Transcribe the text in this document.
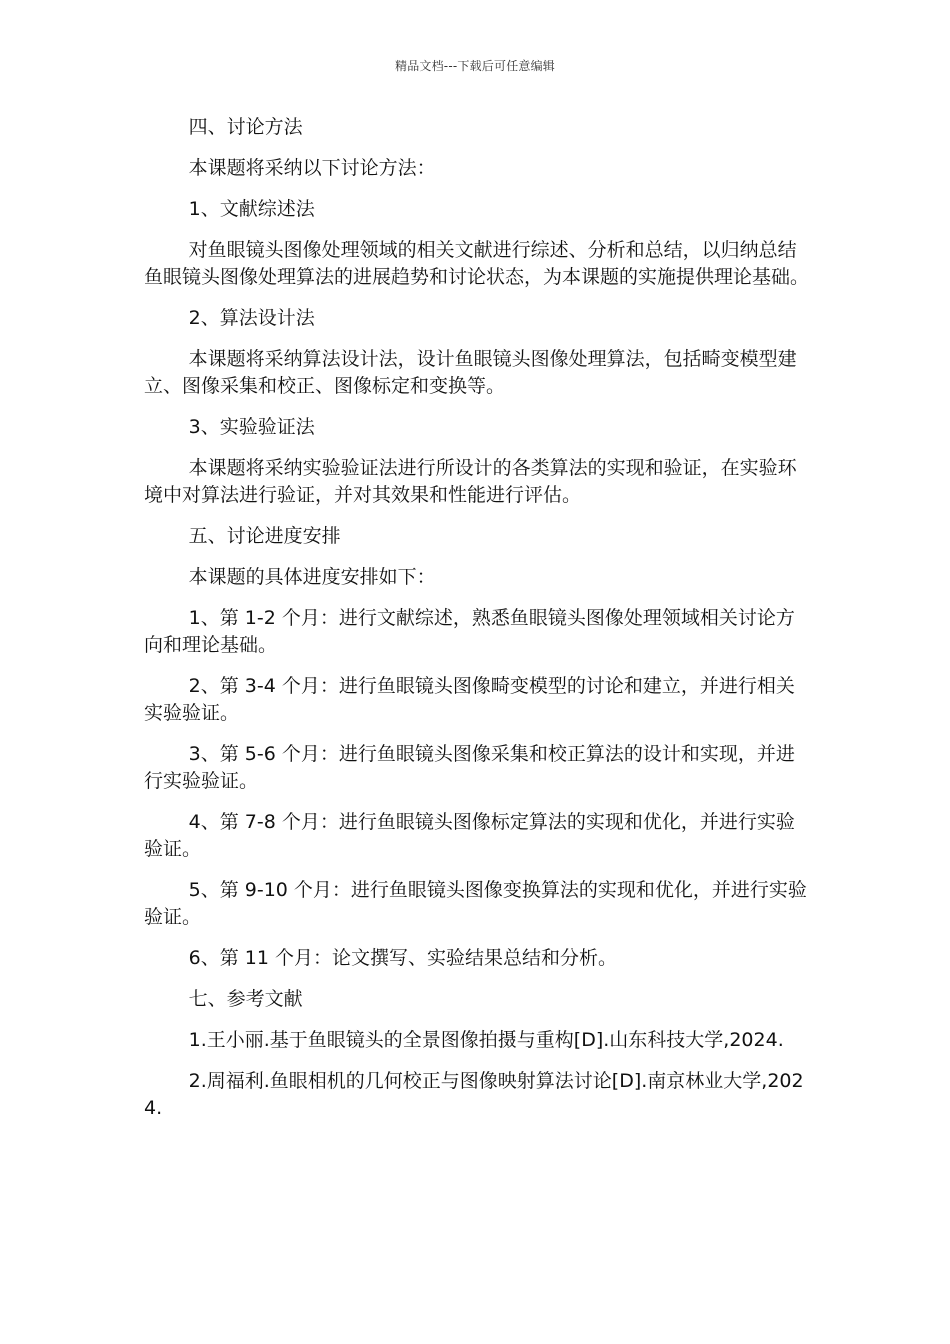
精品文档---下载后可任意编辑

四、讨论方法

本课题将采纳以下讨论方法：

1、文献综述法

对鱼眼镜头图像处理领域的相关文献进行综述、分析和总结，以归纳总结鱼眼镜头图像处理算法的进展趋势和讨论状态，为本课题的实施提供理论基础。

2、算法设计法

本课题将采纳算法设计法，设计鱼眼镜头图像处理算法，包括畸变模型建立、图像采集和校正、图像标定和变换等。

3、实验验证法

本课题将采纳实验验证法进行所设计的各类算法的实现和验证，在实验环境中对算法进行验证，并对其效果和性能进行评估。

五、讨论进度安排

本课题的具体进度安排如下：

1、第 1-2 个月：进行文献综述，熟悉鱼眼镜头图像处理领域相关讨论方向和理论基础。

2、第 3-4 个月：进行鱼眼镜头图像畸变模型的讨论和建立，并进行相关实验验证。

3、第 5-6 个月：进行鱼眼镜头图像采集和校正算法的设计和实现，并进行实验验证。

4、第 7-8 个月：进行鱼眼镜头图像标定算法的实现和优化，并进行实验验证。

5、第 9-10 个月：进行鱼眼镜头图像变换算法的实现和优化，并进行实验验证。

6、第 11 个月：论文撰写、实验结果总结和分析。

七、参考文献

1.王小丽.基于鱼眼镜头的全景图像拍摄与重构[D].山东科技大学,2024.

2.周福利.鱼眼相机的几何校正与图像映射算法讨论[D].南京林业大学,2024.
